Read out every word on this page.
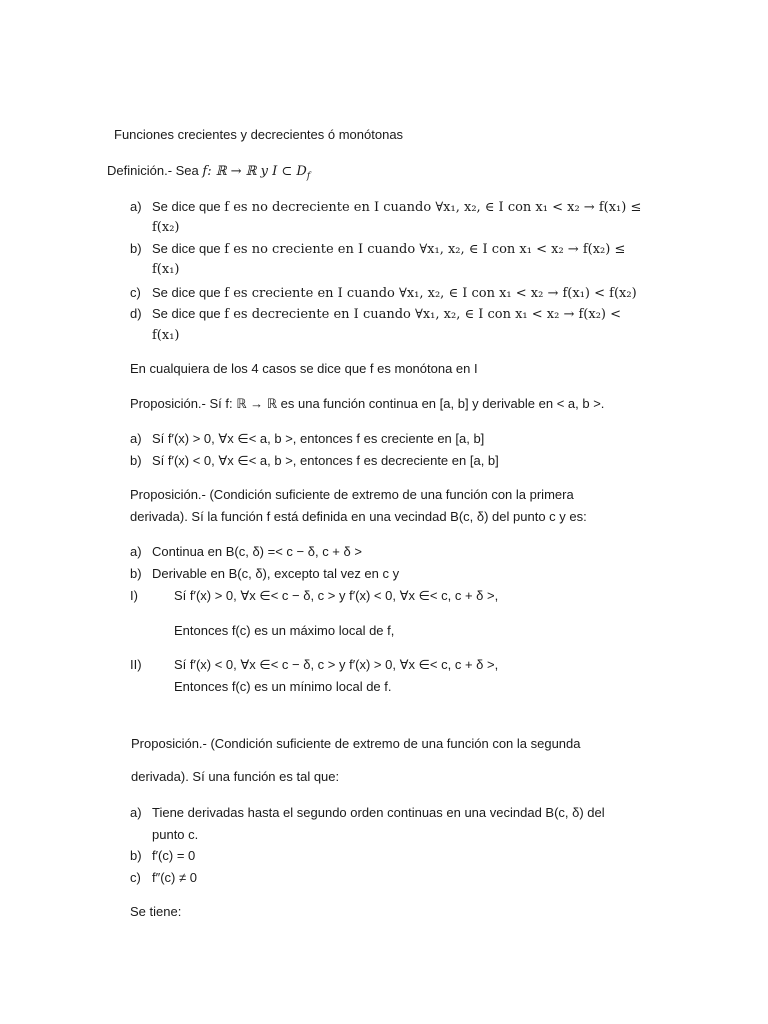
Funciones crecientes y decrecientes ó monótonas
Definición.- Sea f: ℝ → ℝ y I ⊂ $D_f$
a) Se dice que f es no decreciente en I cuando ∀x₁, x₂, ∈ I con x₁ < x₂ → f(x₁) ≤
f(x₂)
b) Se dice que f es no creciente en I cuando ∀x₁, x₂, ∈ I con x₁ < x₂ → f(x₂) ≤
f(x₁)
c) Se dice que f es creciente en I cuando ∀x₁, x₂, ∈ I con x₁ < x₂ → f(x₁) < f(x₂)
d) Se dice que f es decreciente en I cuando ∀x₁, x₂, ∈ I con x₁ < x₂ → f(x₂) <
f(x₁)
En cualquiera de los 4 casos se dice que f es monótona en I
Proposición.- Sí f: ℝ → ℝ es una función continua en [a, b] y derivable en < a, b >.
a) Sí f′(x) > 0, ∀x ∈< a, b >, entonces f es creciente en [a, b]
b) Sí f′(x) < 0, ∀x ∈< a, b >, entonces f es decreciente en [a, b]
Proposición.- (Condición suficiente de extremo de una función con la primera
derivada). Sí la función f está definida en una vecindad B(c, δ) del punto c y es:
a) Continua en B(c, δ) =< c − δ, c + δ >
b) Derivable en B(c, δ), excepto tal vez en c y
I)	Sí f′(x) > 0, ∀x ∈< c − δ, c > y f′(x) < 0, ∀x ∈< c, c + δ >,
Entonces f(c) es un máximo local de f,
II) Sí f′(x) < 0, ∀x ∈< c − δ, c > y f′(x) > 0, ∀x ∈< c, c + δ >,
Entonces f(c) es un mínimo local de f.
Proposición.- (Condición suficiente de extremo de una función con la segunda
derivada). Sí una función es tal que:
a) Tiene derivadas hasta el segundo orden continuas en una vecindad B(c, δ) del
punto c.
b) f′(c) = 0
c) f″(c) ≠ 0
Se tiene:
